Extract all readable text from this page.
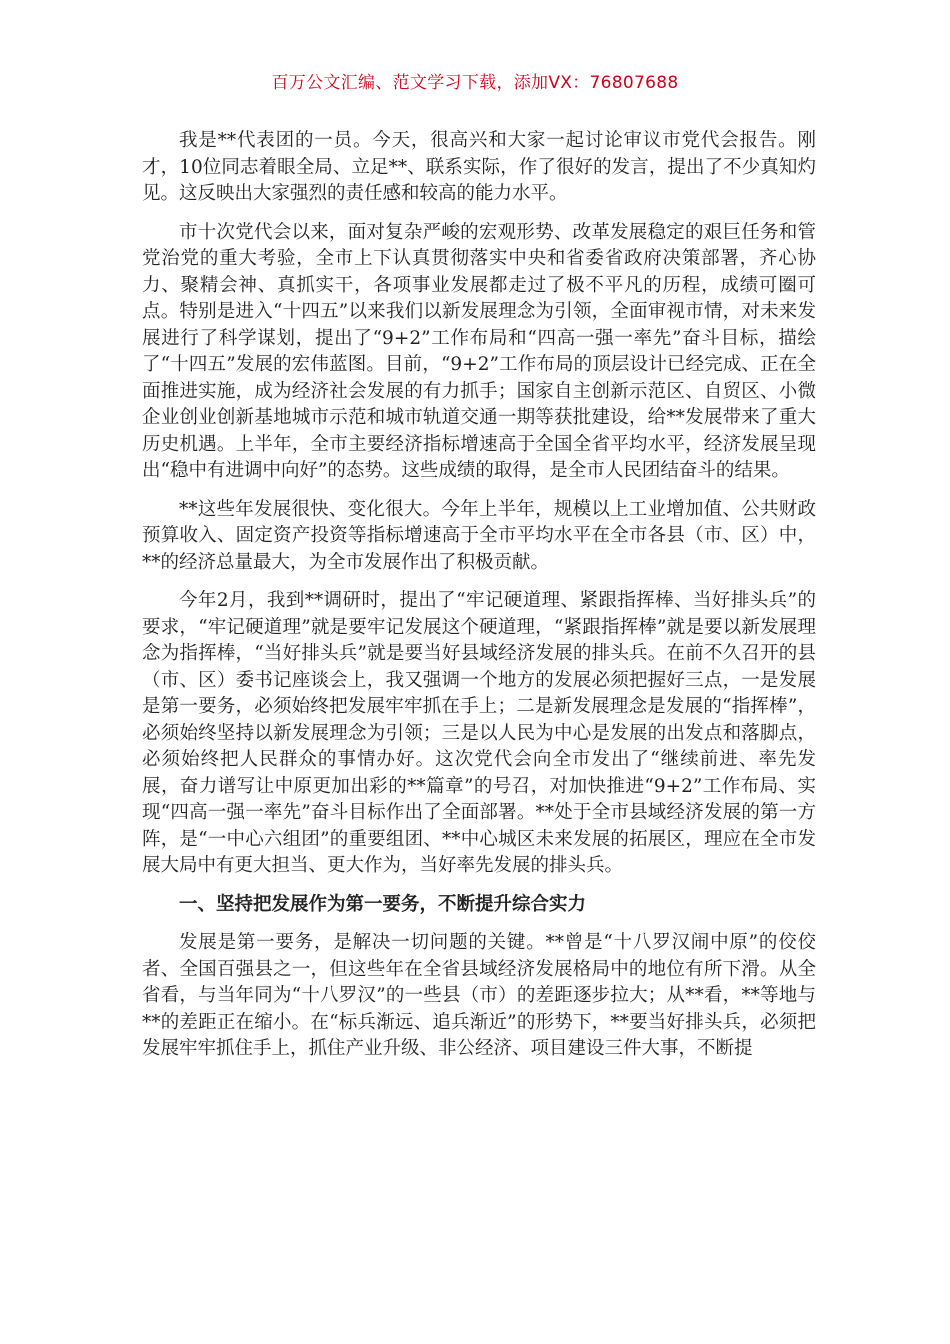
百万公文汇编、范文学习下载，添加VX：76807688

我是**代表团的一员。今天，很高兴和大家一起讨论审议市党代会报告。刚才，10位同志着眼全局、立足**、联系实际，作了很好的发言，提出了不少真知灼见。这反映出大家强烈的责任感和较高的能力水平。

市十次党代会以来，面对复杂严峻的宏观形势、改革发展稳定的艰巨任务和管党治党的重大考验，全市上下认真贯彻落实中央和省委省政府决策部署，齐心协力、聚精会神、真抓实干，各项事业发展都走过了极不平凡的历程，成绩可圈可点。特别是进入“十四五”以来我们以新发展理念为引领，全面审视市情，对未来发展进行了科学谋划，提出了“9+2”工作布局和“四高一强一率先”奋斗目标，描绘了“十四五”发展的宏伟蓝图。目前，“9+2”工作布局的顶层设计已经完成、正在全面推进实施，成为经济社会发展的有力抓手；国家自主创新示范区、自贸区、小微企业创业创新基地城市示范和城市轨道交通一期等获批建设，给**发展带来了重大历史机遇。上半年，全市主要经济指标增速高于全国全省平均水平，经济发展呈现出“稳中有进调中向好”的态势。这些成绩的取得，是全市人民团结奋斗的结果。

**这些年发展很快、变化很大。今年上半年，规模以上工业增加值、公共财政预算收入、固定资产投资等指标增速高于全市平均水平在全市各县（市、区）中，**的经济总量最大，为全市发展作出了积极贡献。

今年2月，我到**调研时，提出了“牢记硬道理、紧跟指挥棒、当好排头兵”的要求，“牢记硬道理”就是要牢记发展这个硬道理，“紧跟指挥棒”就是要以新发展理念为指挥棒，“当好排头兵”就是要当好县域经济发展的排头兵。在前不久召开的县（市、区）委书记座谈会上，我又强调一个地方的发展必须把握好三点，一是发展是第一要务，必须始终把发展牢牢抓在手上；二是新发展理念是发展的“指挥棒”，必须始终坚持以新发展理念为引领；三是以人民为中心是发展的出发点和落脚点，必须始终把人民群众的事情办好。这次党代会向全市发出了“继续前进、率先发展，奋力谱写让中原更加出彩的**篇章”的号召，对加快推进“9+2”工作布局、实现“四高一强一率先”奋斗目标作出了全面部署。**处于全市县域经济发展的第一方阵，是“一中心六组团”的重要组团、**中心城区未来发展的拓展区，理应在全市发展大局中有更大担当、更大作为，当好率先发展的排头兵。

一、坚持把发展作为第一要务，不断提升综合实力

发展是第一要务，是解决一切问题的关键。**曾是“十八罗汉闹中原”的佼佼者、全国百强县之一，但这些年在全省县域经济发展格局中的地位有所下滑。从全省看，与当年同为“十八罗汉”的一些县（市）的差距逐步拉大；从**看，**等地与**的差距正在缩小。在“标兵渐远、追兵渐近”的形势下，**要当好排头兵，必须把发展牢牢抓住手上，抓住产业升级、非公经济、项目建设三件大事，不断提
